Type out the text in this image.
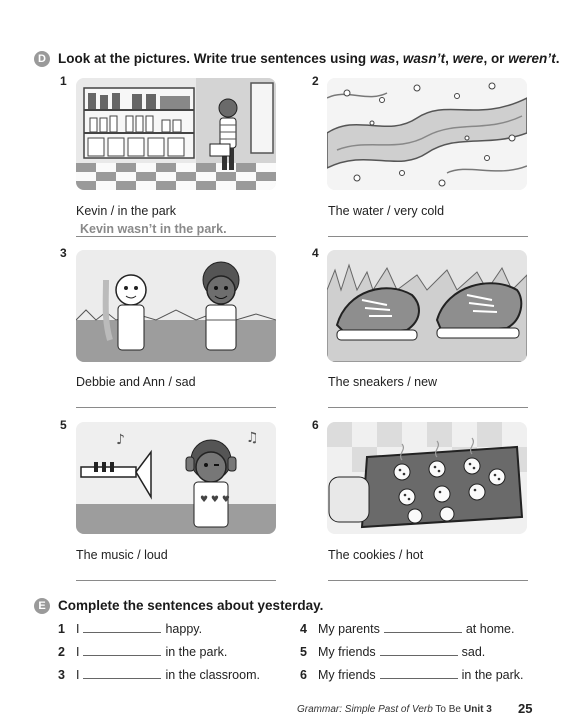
D Look at the pictures. Write true sentences using was, wasn’t, were, or weren’t.
1
Kevin / in the park
Kevin wasn’t in the park.
2
The water / very cold
3
Debbie and Ann / sad
4
The sneakers / new
5
♪	♫
♥ ♥ ♥
The music / loud
6
The cookies / hot
E Complete the sentences about yesterday.
1 I	happy.
2 I	in the park.
3 I	in the classroom.
4 My parents	at home.
5 My friends	sad.
6 My friends	in the park.
Grammar: Simple Past of Verb To Be Unit 3 25
